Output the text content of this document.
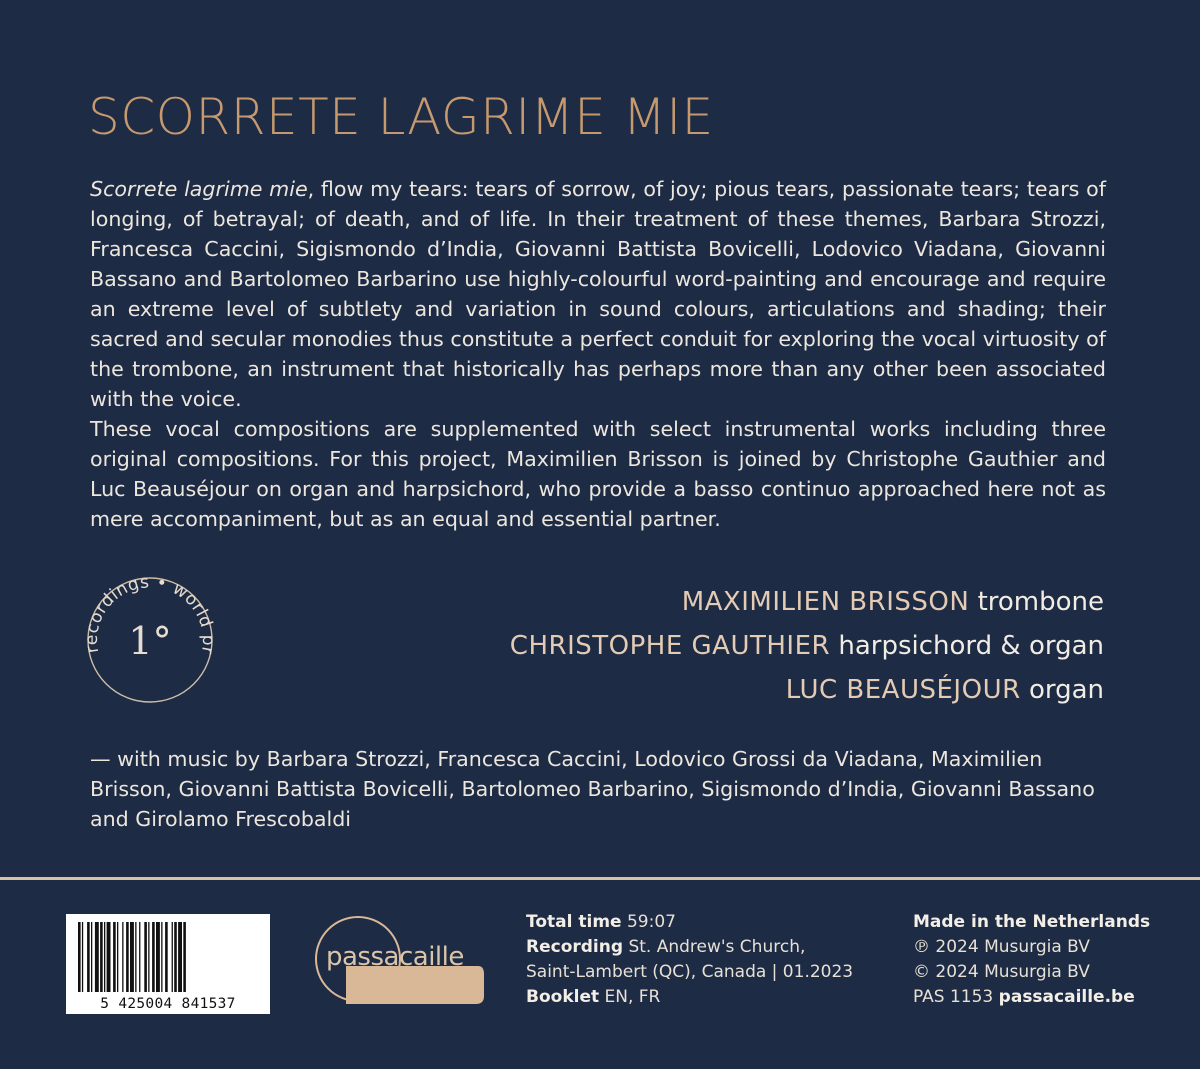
SCORRETE LAGRIME MIE

Scorrete lagrime mie, flow my tears: tears of sorrow, of joy; pious tears, passionate tears; tears of longing, of betrayal; of death, and of life. In their treatment of these themes, Barbara Strozzi, Francesca Caccini, Sigismondo d’India, Giovanni Battista Bovicelli, Lodovico Viadana, Giovanni Bassano and Bartolomeo Barbarino use highly-colourful word-painting and encourage and require an extreme level of subtlety and variation in sound colours, articulations and shading; their sacred and secular monodies thus constitute a perfect conduit for exploring the vocal virtuosity of the trombone, an instrument that historically has perhaps more than any other been associated with the voice.

These vocal compositions are supplemented with select instrumental works including three original compositions. For this project, Maximilien Brisson is joined by Christophe Gauthier and Luc Beauséjour on organ and harpsichord, who provide a basso continuo approached here not as mere accompaniment, but as an equal and essential partner.

recordings • world pr
1°
MAXIMILIEN BRISSON trombone
CHRISTOPHE GAUTHIER harpsichord & organ
LUC BEAUSÉJOUR organ

— with music by Barbara Strozzi, Francesca Caccini, Lodovico Grossi da Viadana, Maximilien Brisson, Giovanni Battista Bovicelli, Bartolomeo Barbarino, Sigismondo d’India, Giovanni Bassano and Girolamo Frescobaldi

5 425004 841537
passacaille
Total time 59:07
Recording St. Andrew's Church,
Saint-Lambert (QC), Canada | 01.2023
Booklet EN, FR
Made in the Netherlands
℗ 2024 Musurgia BV
© 2024 Musurgia BV
PAS 1153 passacaille.be
